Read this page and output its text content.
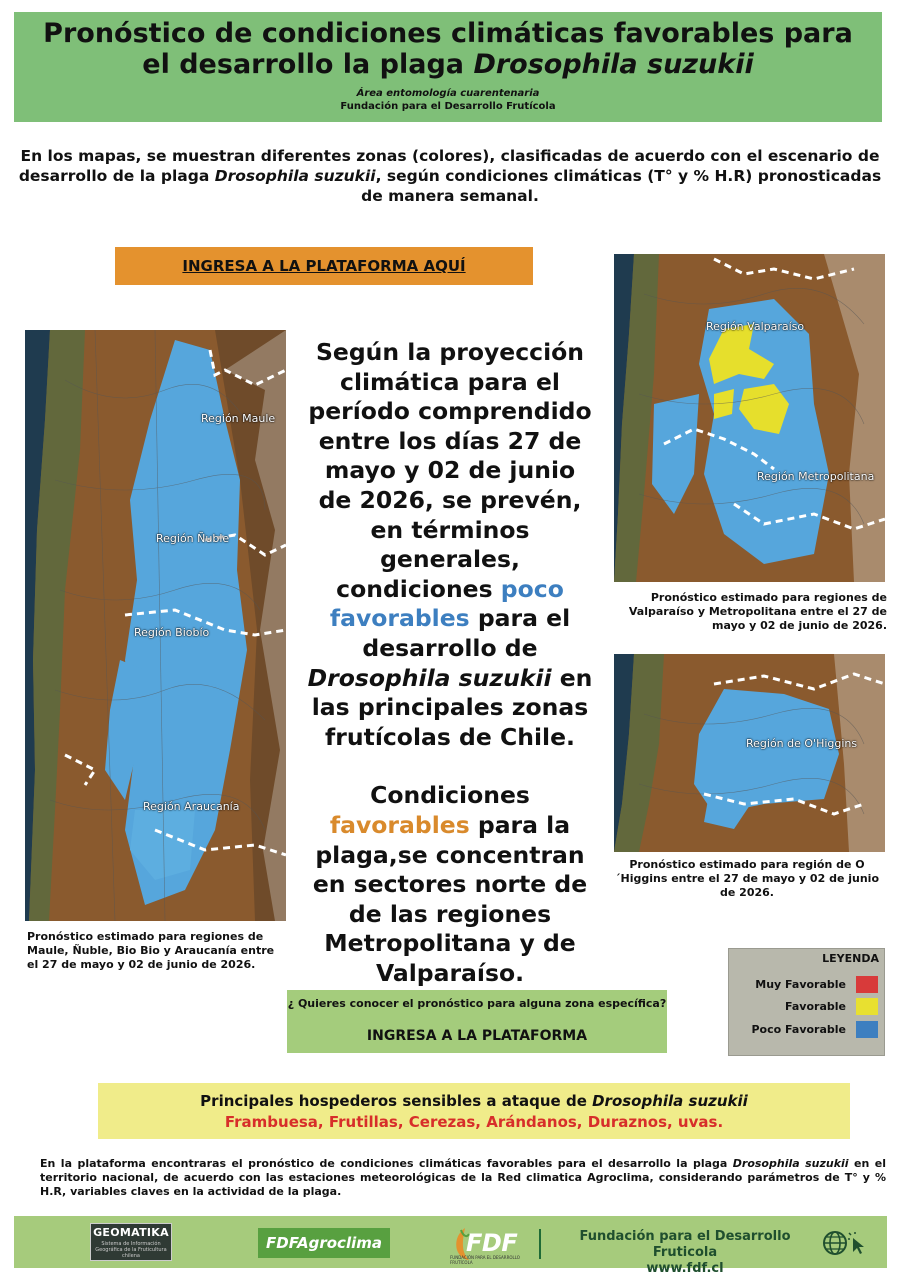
Pronóstico de condiciones climáticas favorables para
el desarrollo la plaga Drosophila suzukii
Área entomología cuarentenaria
Fundación para el Desarrollo Frutícola
En los mapas, se muestran diferentes zonas (colores), clasificadas de acuerdo con el escenario de desarrollo de la plaga Drosophila suzukii, según condiciones climáticas (T° y % H.R) pronosticadas de manera semanal.
INGRESA A LA PLATAFORMA AQUÍ
Región Maule
Región Ñuble
Región Biobío
Región Araucanía
Pronóstico estimado para regiones de Maule, Ñuble, Bio Bio y Araucanía entre el 27 de mayo y 02 de junio de 2026.
Región Valparaíso
Región Metropolitana
Pronóstico estimado para regiones de Valparaíso y Metropolitana entre el 27 de mayo y 02 de junio de 2026.
Región de O'Higgins
Pronóstico estimado para región de O´Higgins entre el 27 de mayo y 02 de junio de 2026.

Según la proyección climática para el período comprendido entre los días 27 de mayo y 02 de junio de 2026, se prevén, en términos generales, condiciones poco favorables para el desarrollo de Drosophila suzukii en las principales zonas frutícolas de Chile.

Condiciones favorables para la plaga,se concentran en sectores norte de de las regiones Metropolitana y de Valparaíso.

LEYENDA
Muy Favorable
Favorable
Poco Favorable
¿ Quieres conocer el pronóstico para alguna zona específica?
INGRESA A LA PLATAFORMA
Principales hospederos sensibles a ataque de Drosophila suzukii
Frambuesa, Frutillas, Cerezas, Arándanos, Duraznos, uvas.
En la plataforma encontraras el pronóstico de condiciones climáticas favorables para el desarrollo la plaga Drosophila suzukii en el territorio nacional, de acuerdo con las estaciones meteorológicas de la Red climatica Agroclima, considerando parámetros de T° y % H.R, variables claves en la actividad de la plaga.
GEOMATIKA
Sistema de Información Geográfica de la Fruticultura chilena
FDFAgroclima	FDF
FUNDACIÓN PARA EL DESARROLLO FRUTÍCOLA
Fundación para el Desarrollo Fruticola
www.fdf.cl
